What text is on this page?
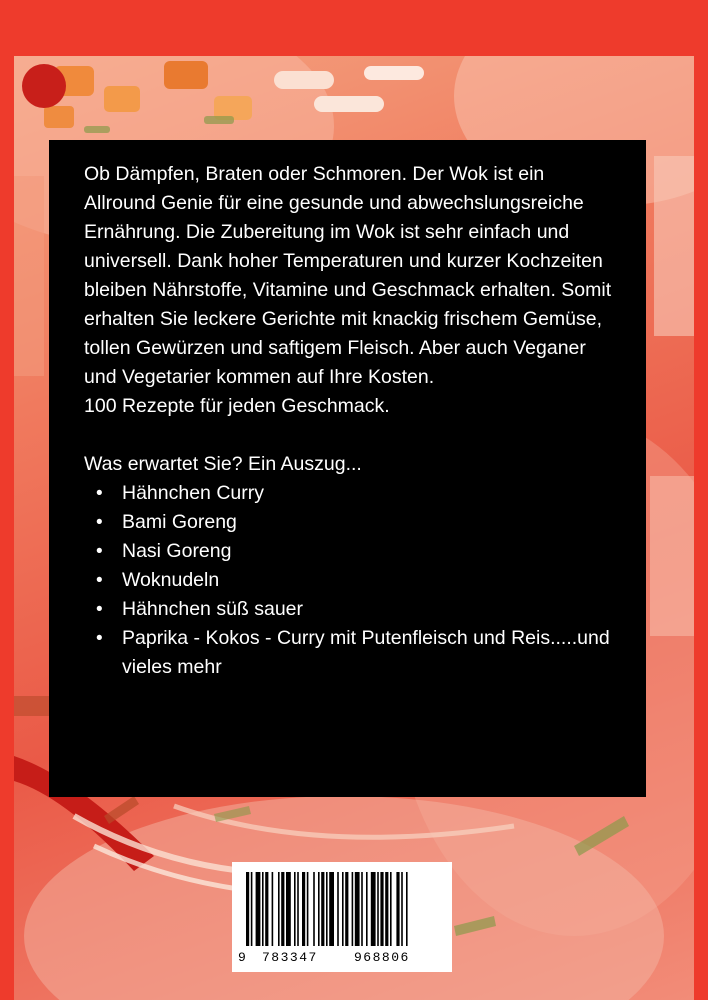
Ob Dämpfen, Braten oder Schmoren. Der Wok ist ein Allround Genie für eine gesunde und abwechslungsreiche Ernährung. Die Zubereitung im Wok ist sehr einfach und universell. Dank hoher Temperaturen und kurzer Kochzeiten bleiben Nährstoffe, Vitamine und Geschmack erhalten. Somit erhalten Sie leckere Gerichte mit knackig frischem Gemüse, tollen Gewürzen und saftigem Fleisch. Aber auch Veganer und Vegetarier kommen auf Ihre Kosten.

100 Rezepte für jeden Geschmack.

Was erwartet Sie? Ein Auszug...

• Hähnchen Curry
• Bami Goreng
• Nasi Goreng
• Woknudeln
• Hähnchen süß sauer
• Paprika - Kokos - Curry mit Putenfleisch und Reis.....und vieles mehr
9 783347	968806
